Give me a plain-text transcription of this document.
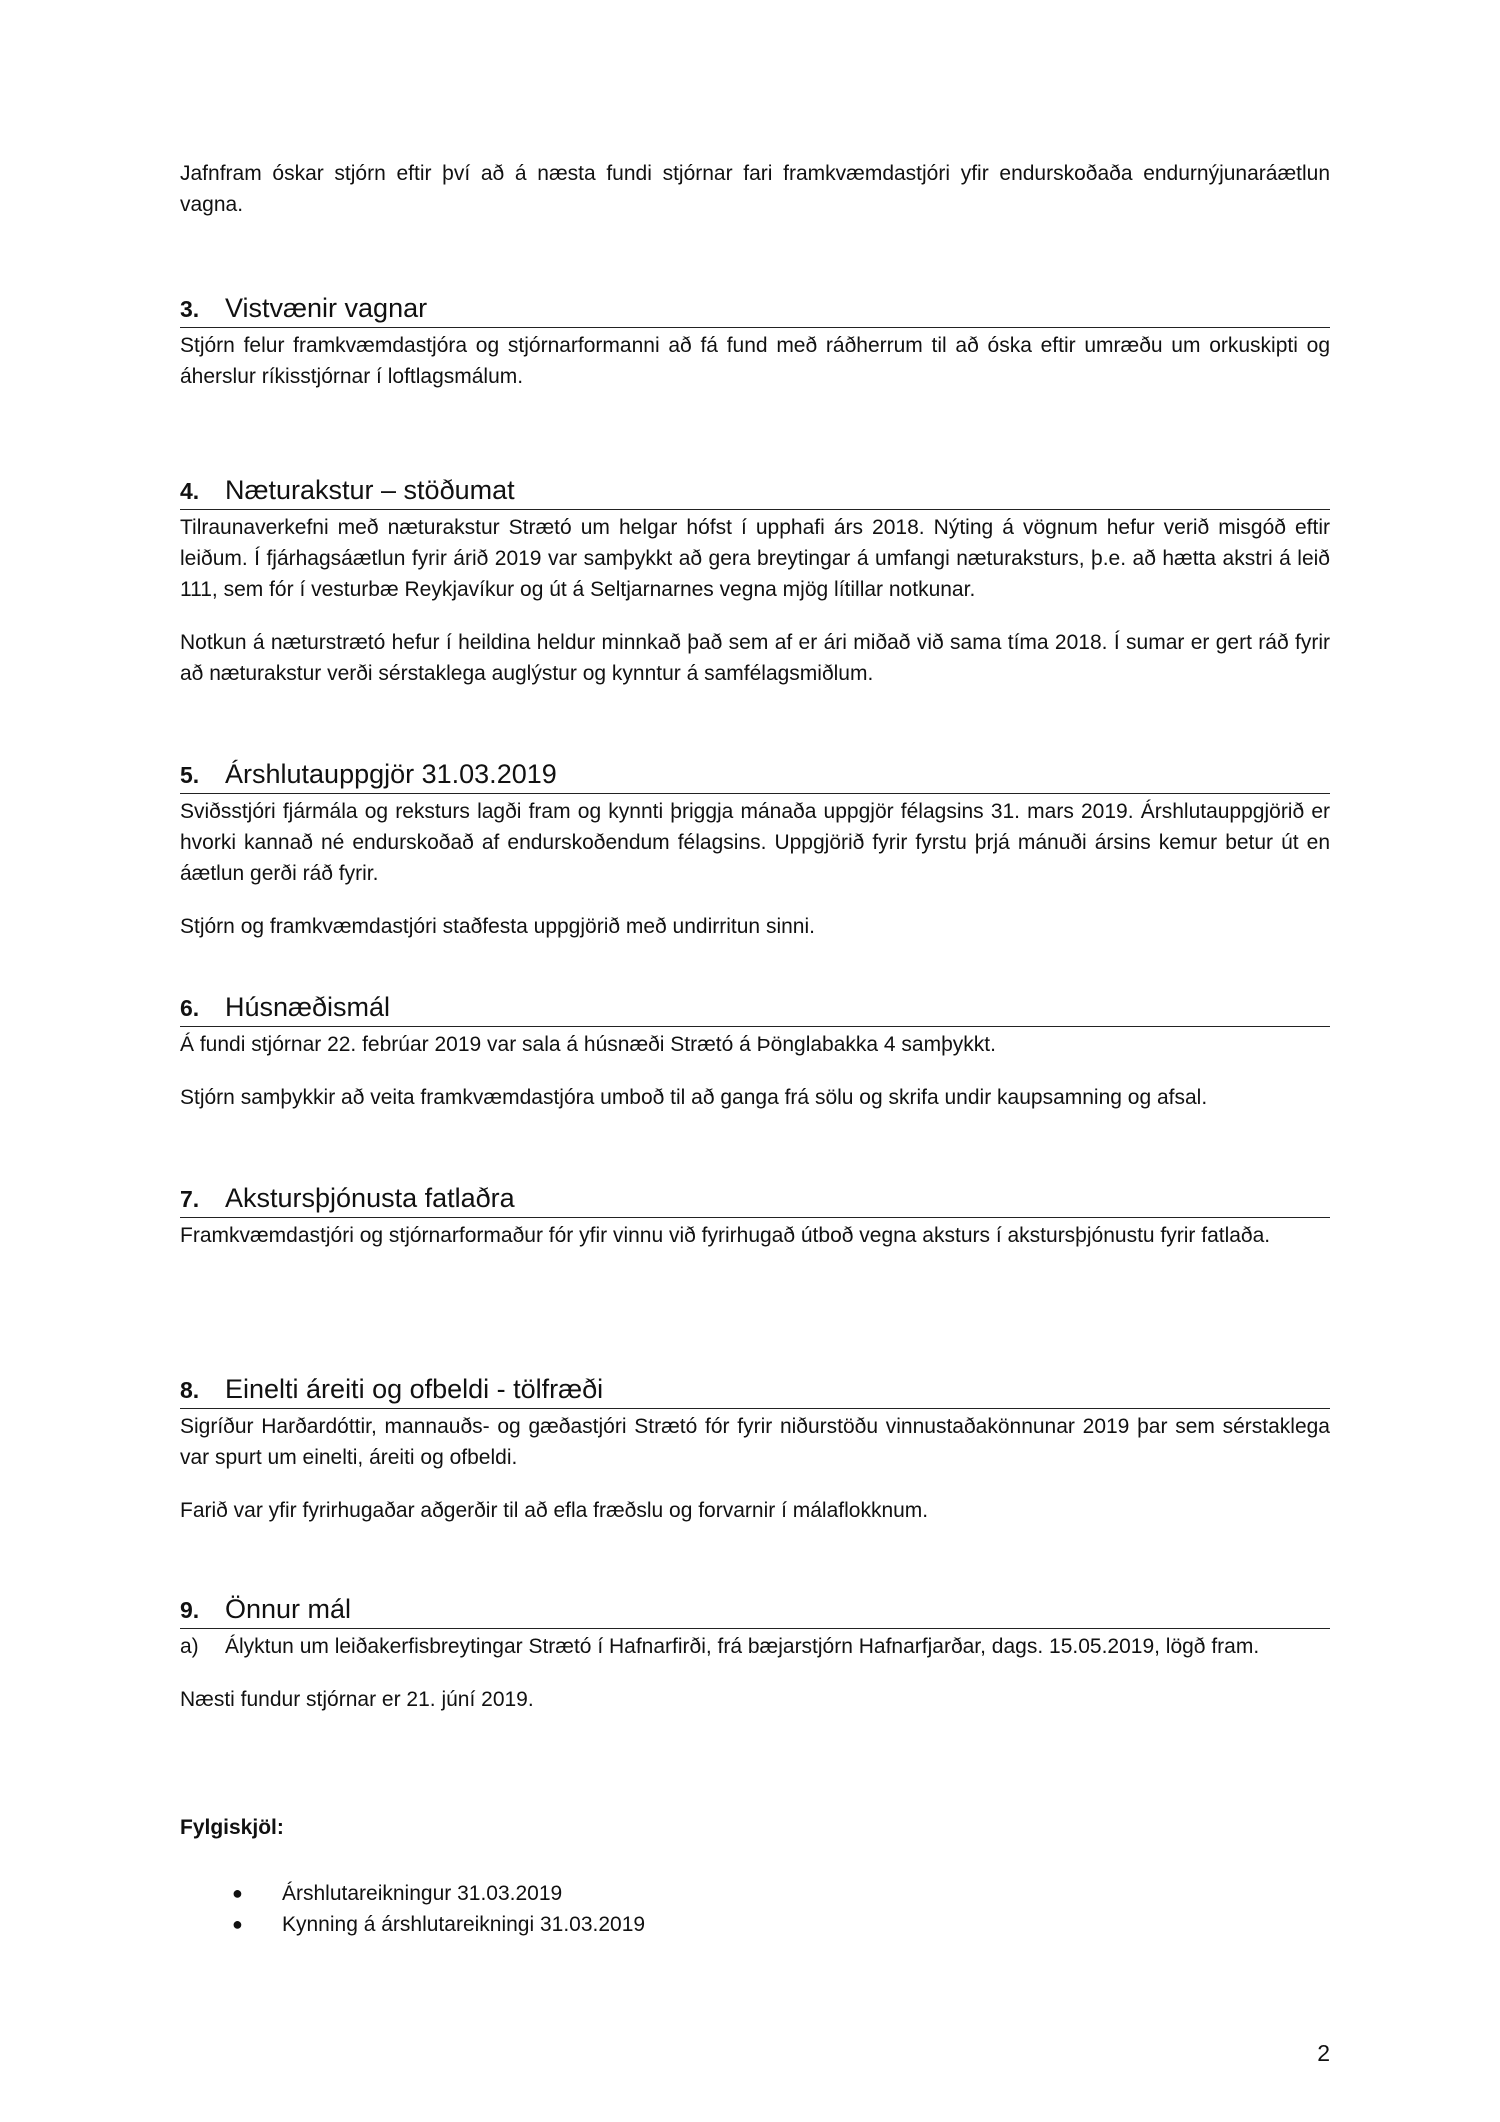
Jafnfram óskar stjórn eftir því að á næsta fundi stjórnar fari framkvæmdastjóri yfir endurskoðaða endurnýjunaráætlun vagna.

3. Vistvænir vagnar

Stjórn felur framkvæmdastjóra og stjórnarformanni að fá fund með ráðherrum til að óska eftir umræðu um orkuskipti og áherslur ríkisstjórnar í loftlagsmálum.

4. Næturakstur – stöðumat

Tilraunaverkefni með næturakstur Strætó um helgar hófst í upphafi árs 2018. Nýting á vögnum hefur verið misgóð eftir leiðum. Í fjárhagsáætlun fyrir árið 2019 var samþykkt að gera breytingar á umfangi næturaksturs, þ.e. að hætta akstri á leið 111, sem fór í vesturbæ Reykjavíkur og út á Seltjarnarnes vegna mjög lítillar notkunar.

Notkun á næturstrætó hefur í heildina heldur minnkað það sem af er ári miðað við sama tíma 2018. Í sumar er gert ráð fyrir að næturakstur verði sérstaklega auglýstur og kynntur á samfélagsmiðlum.

5. Árshlutauppgjör 31.03.2019

Sviðsstjóri fjármála og reksturs lagði fram og kynnti þriggja mánaða uppgjör félagsins 31. mars 2019. Árshlutauppgjörið er hvorki kannað né endurskoðað af endurskoðendum félagsins. Uppgjörið fyrir fyrstu þrjá mánuði ársins kemur betur út en áætlun gerði ráð fyrir.

Stjórn og framkvæmdastjóri staðfesta uppgjörið með undirritun sinni.

6. Húsnæðismál

Á fundi stjórnar 22. febrúar 2019 var sala á húsnæði Strætó á Þönglabakka 4 samþykkt.

Stjórn samþykkir að veita framkvæmdastjóra umboð til að ganga frá sölu og skrifa undir kaupsamning og afsal.

7. Akstursþjónusta fatlaðra

Framkvæmdastjóri og stjórnarformaður fór yfir vinnu við fyrirhugað útboð vegna aksturs í akstursþjónustu fyrir fatlaða.

8. Einelti áreiti og ofbeldi - tölfræði

Sigríður Harðardóttir, mannauðs- og gæðastjóri Strætó fór fyrir niðurstöðu vinnustaðakönnunar 2019 þar sem sérstaklega var spurt um einelti, áreiti og ofbeldi.

Farið var yfir fyrirhugaðar aðgerðir til að efla fræðslu og forvarnir í málaflokknum.

9. Önnur mál
a)	Ályktun um leiðakerfisbreytingar Strætó í Hafnarfirði, frá bæjarstjórn Hafnarfjarðar, dags. 15.05.2019, lögð fram.

Næsti fundur stjórnar er 21. júní 2019.

Fylgiskjöl:
●	Árshlutareikningur 31.03.2019
●	Kynning á árshlutareikningi 31.03.2019
2
